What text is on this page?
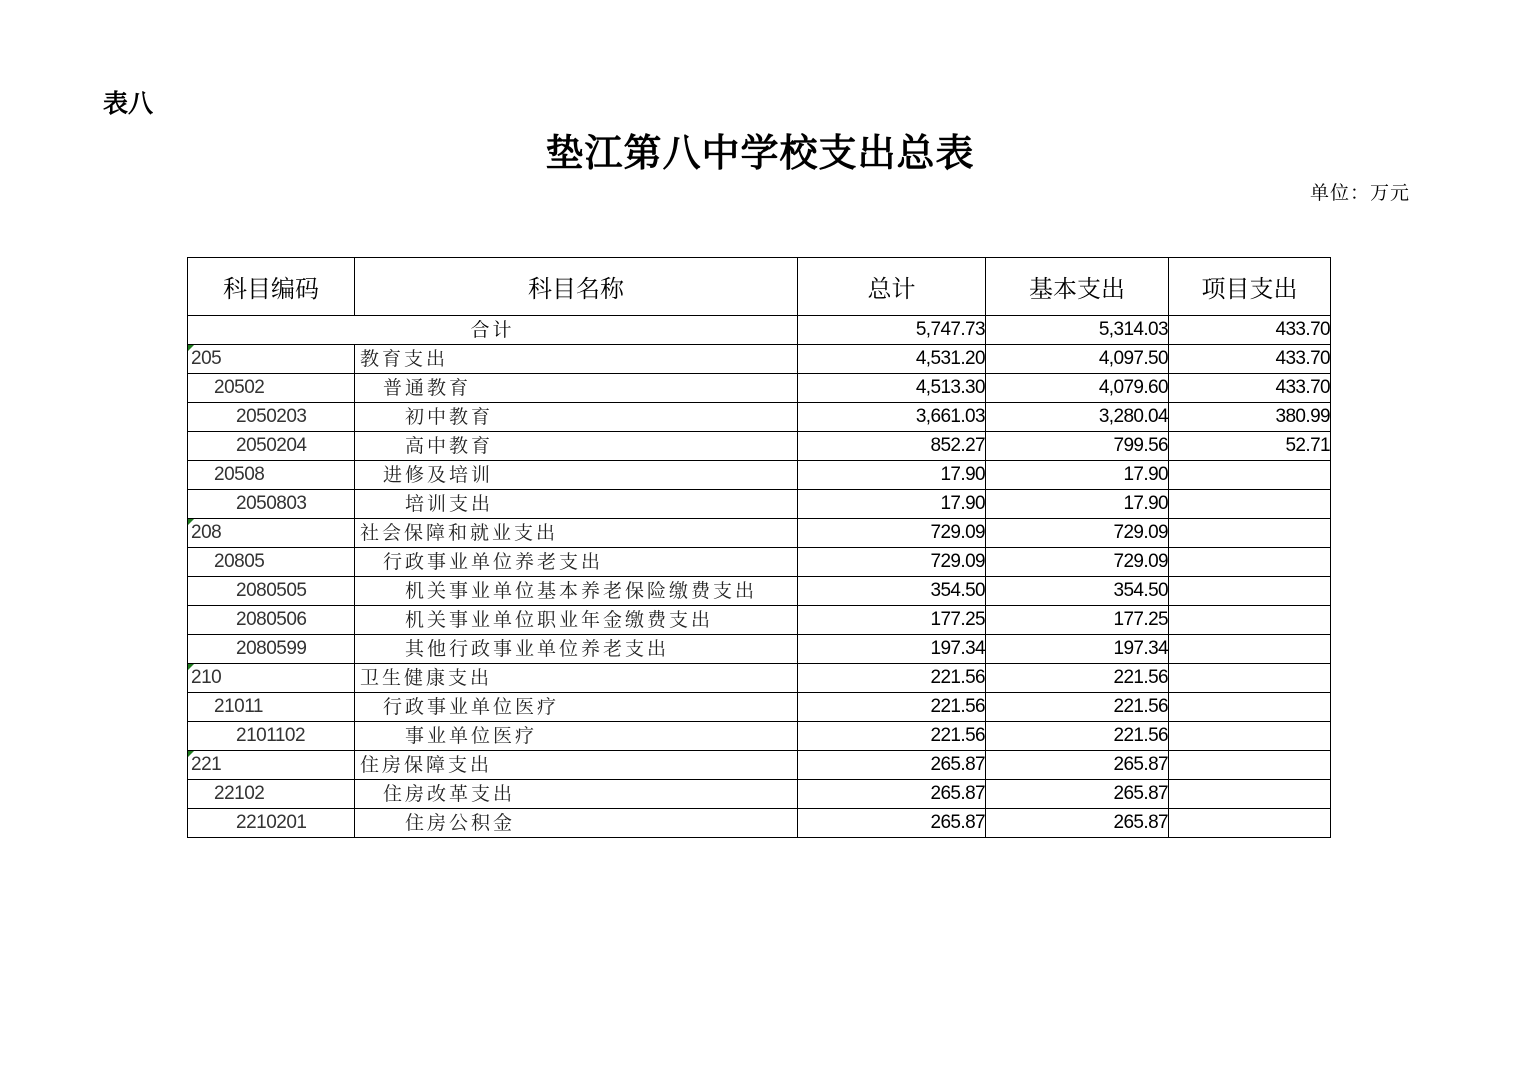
表八
垫江第八中学校支出总表
单位：万元
科目编码	科目名称	总计	基本支出	项目支出
合计		5,747.73	5,314.03	433.70
205	教育支出	4,531.20	4,097.50	433.70
20502	普通教育	4,513.30	4,079.60	433.70
2050203	初中教育	3,661.03	3,280.04	380.99
2050204	高中教育	852.27	799.56	52.71
20508	进修及培训	17.90	17.90	
2050803	培训支出	17.90	17.90	
208	社会保障和就业支出	729.09	729.09	
20805	行政事业单位养老支出	729.09	729.09	
2080505	机关事业单位基本养老保险缴费支出	354.50	354.50	
2080506	机关事业单位职业年金缴费支出	177.25	177.25	
2080599	其他行政事业单位养老支出	197.34	197.34	
210	卫生健康支出	221.56	221.56	
21011	行政事业单位医疗	221.56	221.56	
2101102	事业单位医疗	221.56	221.56	
221	住房保障支出	265.87	265.87	
22102	住房改革支出	265.87	265.87	
2210201	住房公积金	265.87	265.87	
